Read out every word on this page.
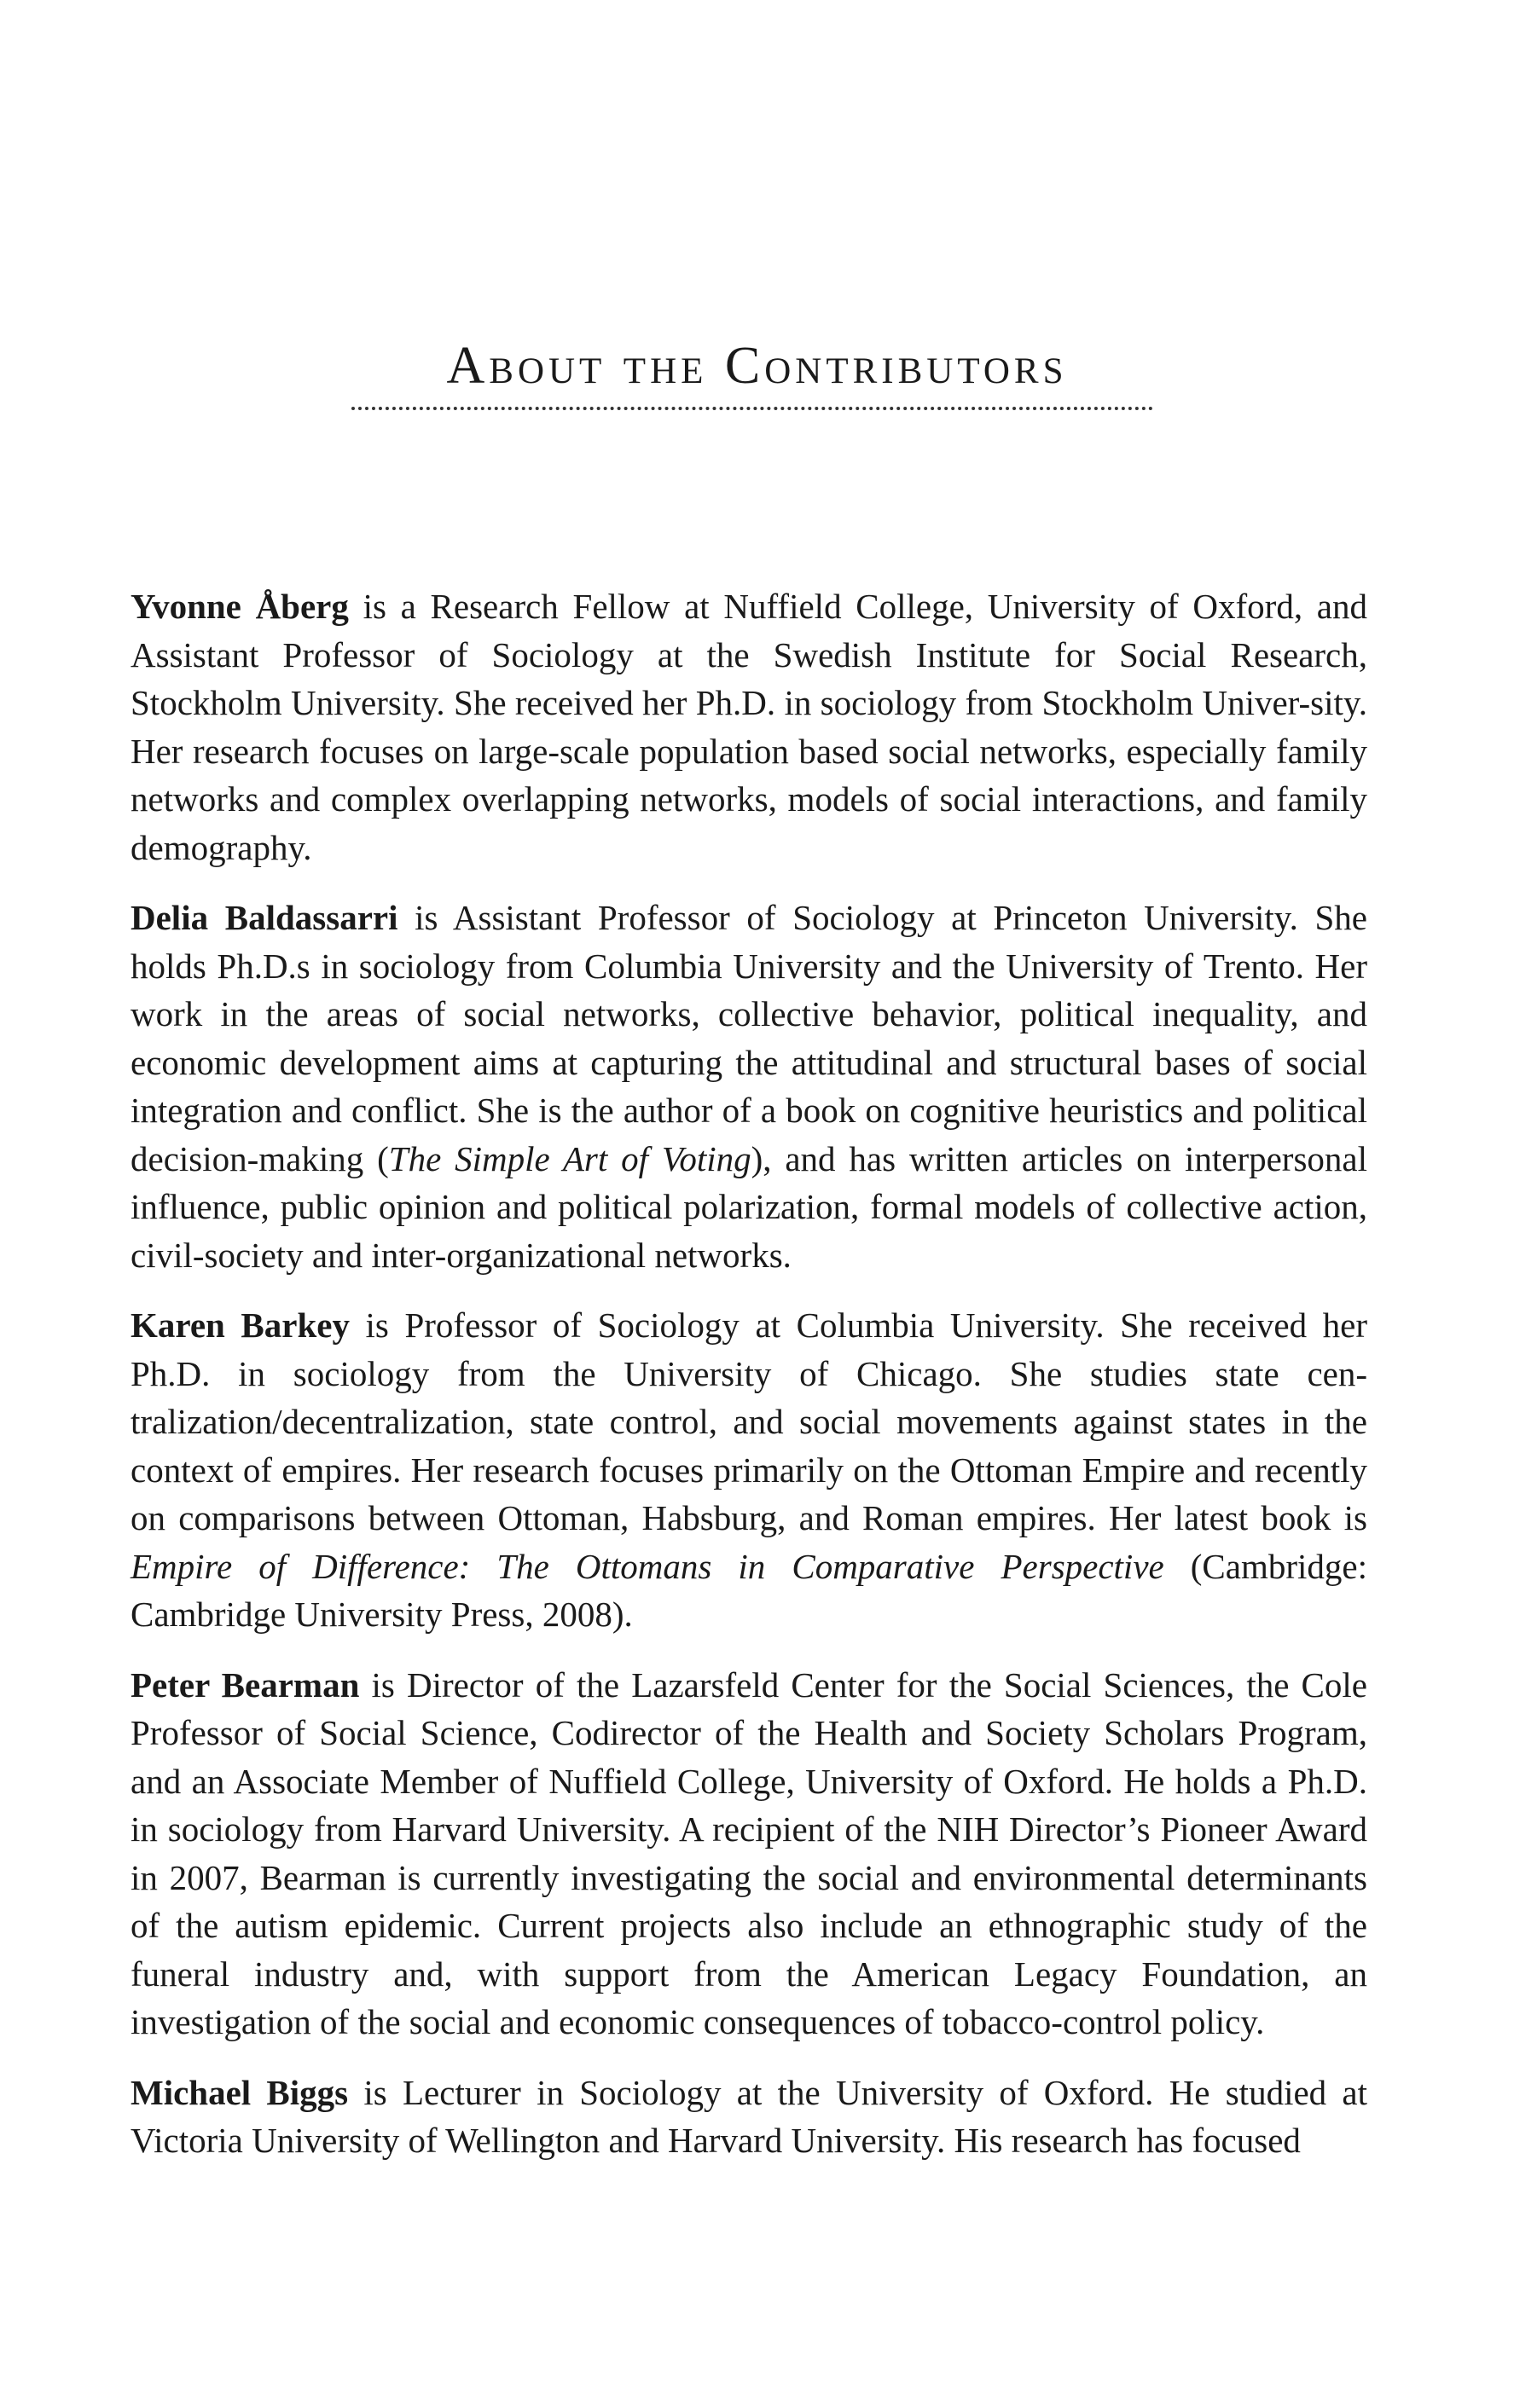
About the Contributors

Yvonne Åberg is a Research Fellow at Nuffield College, University of Oxford, and Assistant Professor of Sociology at the Swedish Institute for Social Research, Stockholm University. She received her Ph.D. in sociology from Stockholm Univer-sity. Her research focuses on large-scale population based social networks, especially family networks and complex overlapping networks, models of social interactions, and family demography.

Delia Baldassarri is Assistant Professor of Sociology at Princeton University. She holds Ph.D.s in sociology from Columbia University and the University of Trento. Her work in the areas of social networks, collective behavior, political inequality, and economic development aims at capturing the attitudinal and structural bases of social integration and conflict. She is the author of a book on cognitive heuristics and political decision-making (The Simple Art of Voting), and has written articles on interpersonal influence, public opinion and political polarization, formal models of collective action, civil-society and inter-organizational networks.

Karen Barkey is Professor of Sociology at Columbia University. She received her Ph.D. in sociology from the University of Chicago. She studies state cen-tralization/decentralization, state control, and social movements against states in the context of empires. Her research focuses primarily on the Ottoman Empire and recently on comparisons between Ottoman, Habsburg, and Roman empires. Her latest book is Empire of Difference: The Ottomans in Comparative Perspective (Cambridge: Cambridge University Press, 2008).

Peter Bearman is Director of the Lazarsfeld Center for the Social Sciences, the Cole Professor of Social Science, Codirector of the Health and Society Scholars Program, and an Associate Member of Nuffield College, University of Oxford. He holds a Ph.D. in sociology from Harvard University. A recipient of the NIH Director’s Pioneer Award in 2007, Bearman is currently investigating the social and environmental determinants of the autism epidemic. Current projects also include an ethnographic study of the funeral industry and, with support from the American Legacy Foundation, an investigation of the social and economic consequences of tobacco-control policy.

Michael Biggs is Lecturer in Sociology at the University of Oxford. He studied at Victoria University of Wellington and Harvard University. His research has focused
